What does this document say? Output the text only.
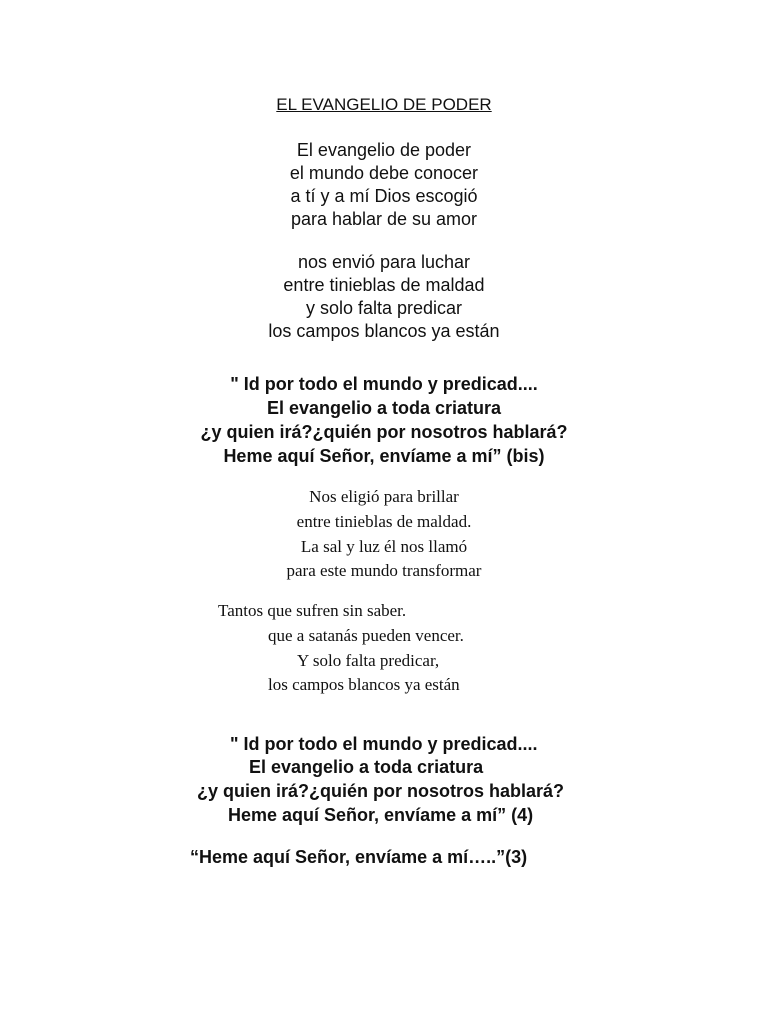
EL EVANGELIO DE PODER
El evangelio de poder
el mundo debe conocer
a tí y a mí Dios escogió
para hablar de su amor
nos envió para luchar
entre tinieblas de maldad
y solo falta predicar
los campos blancos ya están
" Id por todo el mundo y predicad....
El evangelio a toda criatura
¿y quien irá?¿quién por nosotros hablará?
Heme aquí Señor, envíame a mí” (bis)
Nos eligió para brillar
entre tinieblas de maldad.
La sal y luz él nos llamó
para este mundo transformar
Tantos que sufren sin saber.
que a satanás pueden vencer.
Y solo falta predicar,
los campos blancos ya están
" Id por todo el mundo y predicad....
El evangelio a toda criatura
¿y quien irá?¿quién por nosotros hablará?
Heme aquí Señor, envíame a mí” (4)
“Heme aquí Señor, envíame a mí…..”(3)
